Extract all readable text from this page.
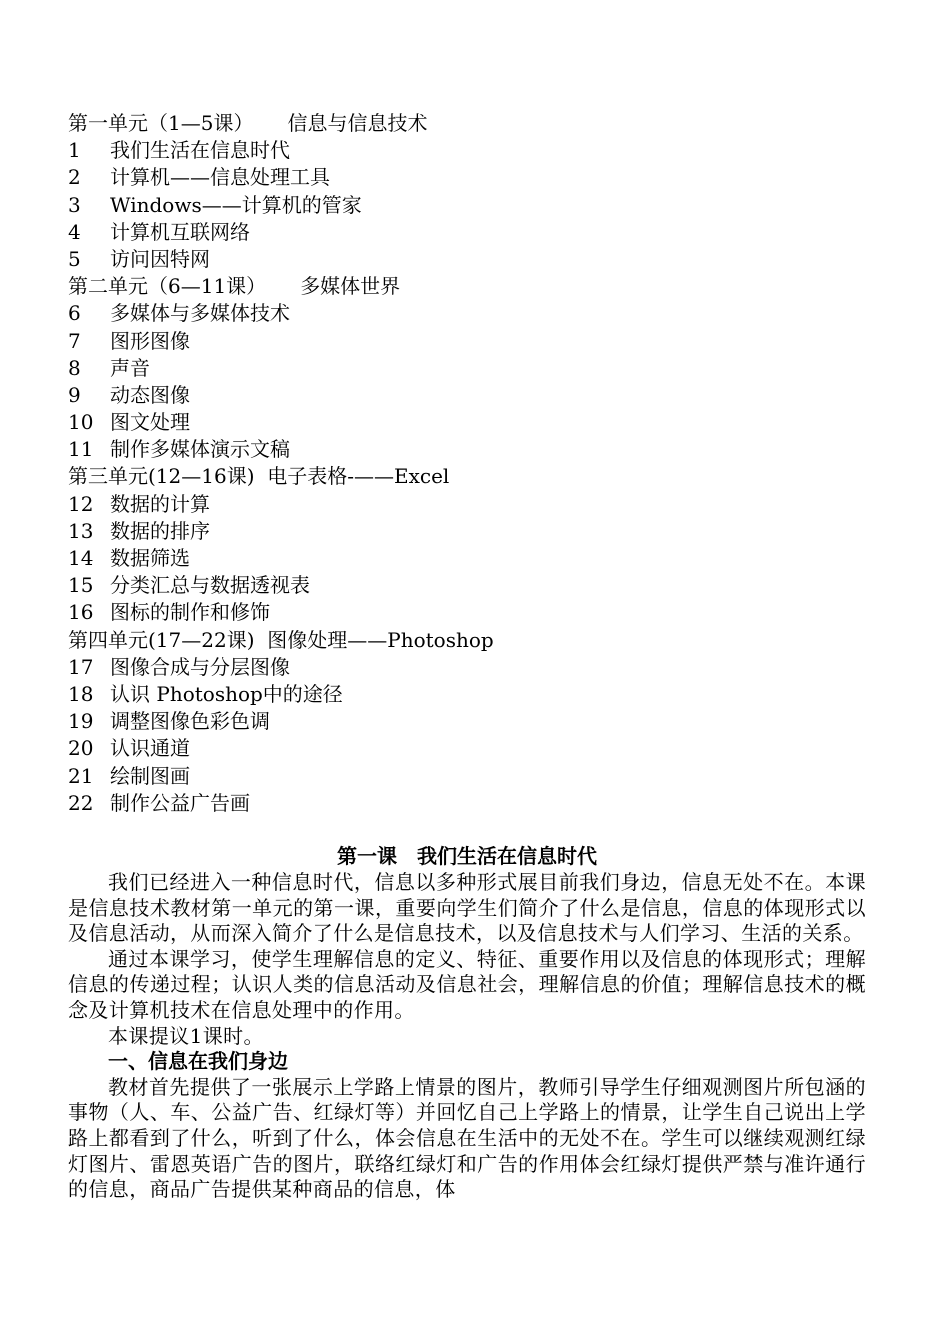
第一单元（1—5课） 信息与信息技术
1 我们生活在信息时代
2 计算机——信息处理工具
3 Windows——计算机的管家
4 计算机互联网络
5 访问因特网
第二单元（6—11课） 多媒体世界
6 多媒体与多媒体技术
7 图形图像
8 声音
9 动态图像
10 图文处理
11 制作多媒体演示文稿
第三单元(12—16课) 电子表格-——Excel
12 数据的计算
13 数据的排序
14 数据筛选
15 分类汇总与数据透视表
16 图标的制作和修饰
第四单元(17—22课) 图像处理——Photoshop
17 图像合成与分层图像
18 认识 Photoshop中的途径
19 调整图像色彩色调
20 认识通道
21 绘制图画
22 制作公益广告画
第一课　我们生活在信息时代

我们已经进入一种信息时代，信息以多种形式展目前我们身边，信息无处不在。本课是信息技术教材第一单元的第一课，重要向学生们简介了什么是信息，信息的体现形式以及信息活动，从而深入简介了什么是信息技术，以及信息技术与人们学习、生活的关系。

通过本课学习，使学生理解信息的定义、特征、重要作用以及信息的体现形式；理解信息的传递过程；认识人类的信息活动及信息社会，理解信息的价值；理解信息技术的概念及计算机技术在信息处理中的作用。

本课提议1课时。

一、信息在我们身边

教材首先提供了一张展示上学路上情景的图片，教师引导学生仔细观测图片所包涵的事物（人、车、公益广告、红绿灯等）并回忆自己上学路上的情景，让学生自己说出上学路上都看到了什么，听到了什么，体会信息在生活中的无处不在。学生可以继续观测红绿灯图片、雷恩英语广告的图片，联络红绿灯和广告的作用体会红绿灯提供严禁与准许通行的信息，商品广告提供某种商品的信息，体
